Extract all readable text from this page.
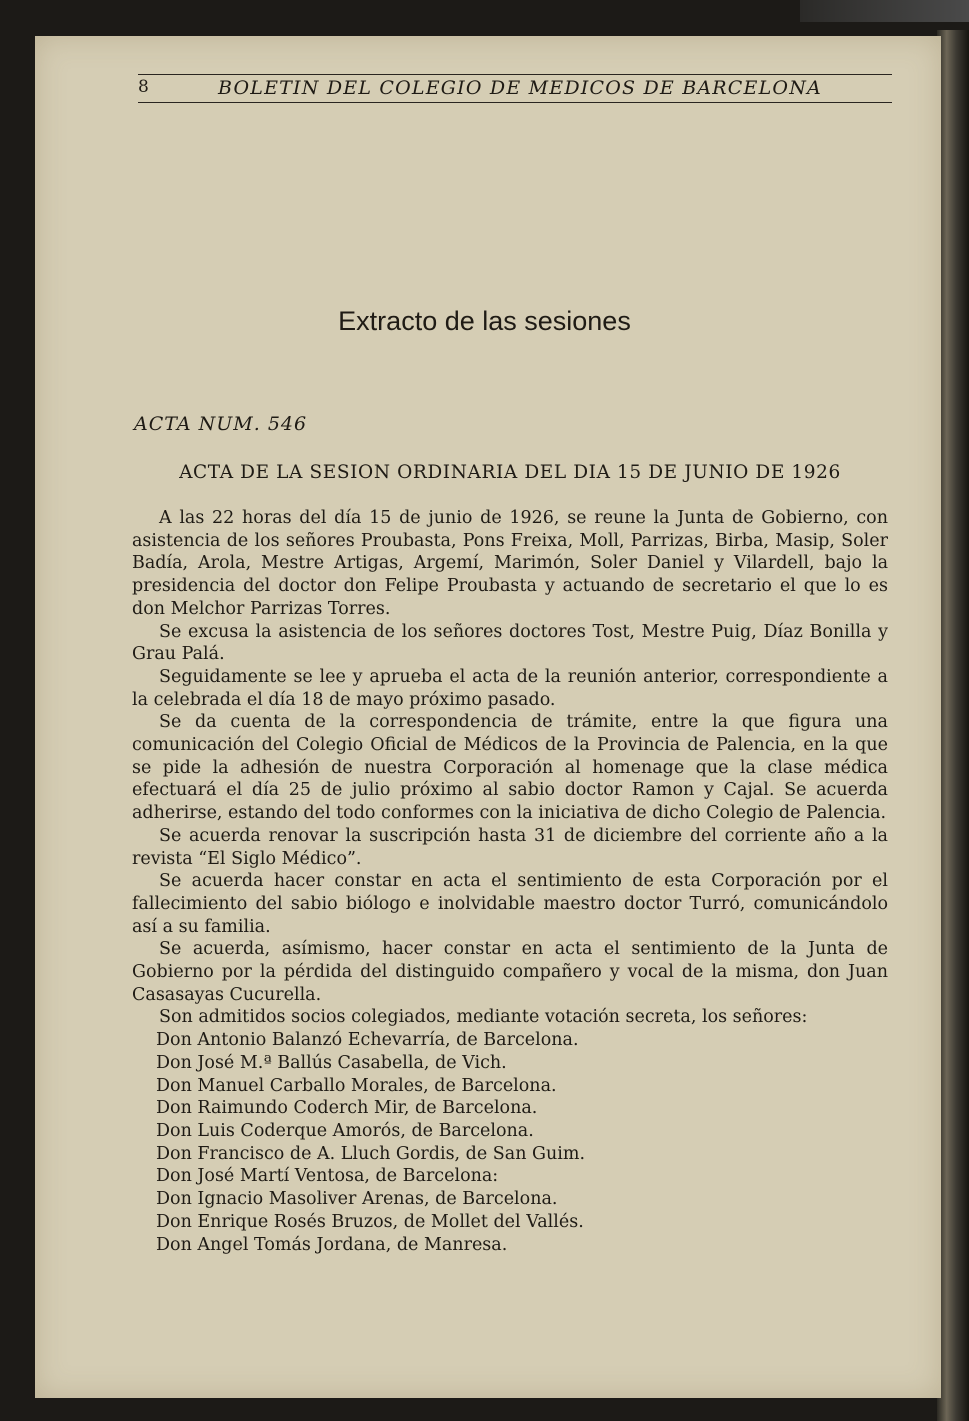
8	BOLETIN DEL COLEGIO DE MEDICOS DE BARCELONA
Extracto de las sesiones
ACTA NUM. 546
ACTA DE LA SESION ORDINARIA DEL DIA 15 DE JUNIO DE 1926

A las 22 horas del día 15 de junio de 1926, se reune la Junta de Gobierno, con asistencia de los señores Proubasta, Pons Freixa, Moll, Parrizas, Birba, Masip, Soler Badía, Arola, Mestre Artigas, Argemí, Marimón, Soler Daniel y Vilardell, bajo la presidencia del doctor don Felipe Proubasta y actuando de secretario el que lo es don Melchor Parrizas Torres.

Se excusa la asistencia de los señores doctores Tost, Mestre Puig, Díaz Bonilla y Grau Palá.

Seguidamente se lee y aprueba el acta de la reunión anterior, correspondiente a la celebrada el día 18 de mayo próximo pasado.

Se da cuenta de la correspondencia de trámite, entre la que figura una comunicación del Colegio Oficial de Médicos de la Provincia de Palencia, en la que se pide la adhesión de nuestra Corporación al homenage que la clase médica efectuará el día 25 de julio próximo al sabio doctor Ramon y Cajal. Se acuerda adherirse, estando del todo conformes con la iniciativa de dicho Colegio de Palencia.

Se acuerda renovar la suscripción hasta 31 de diciembre del corriente año a la revista “El Siglo Médico”.

Se acuerda hacer constar en acta el sentimiento de esta Corporación por el fallecimiento del sabio biólogo e inolvidable maestro doctor Turró, comunicándolo así a su familia.

Se acuerda, asímismo, hacer constar en acta el sentimiento de la Junta de Gobierno por la pérdida del distinguido compañero y vocal de la misma, don Juan Casasayas Cucurella.

Son admitidos socios colegiados, mediante votación secreta, los señores:

Don Antonio Balanzó Echevarría, de Barcelona.
Don José M.ª Ballús Casabella, de Vich.
Don Manuel Carballo Morales, de Barcelona.
Don Raimundo Coderch Mir, de Barcelona.
Don Luis Coderque Amorós, de Barcelona.
Don Francisco de A. Lluch Gordis, de San Guim.
Don José Martí Ventosa, de Barcelona:
Don Ignacio Masoliver Arenas, de Barcelona.
Don Enrique Rosés Bruzos, de Mollet del Vallés.
Don Angel Tomás Jordana, de Manresa.
